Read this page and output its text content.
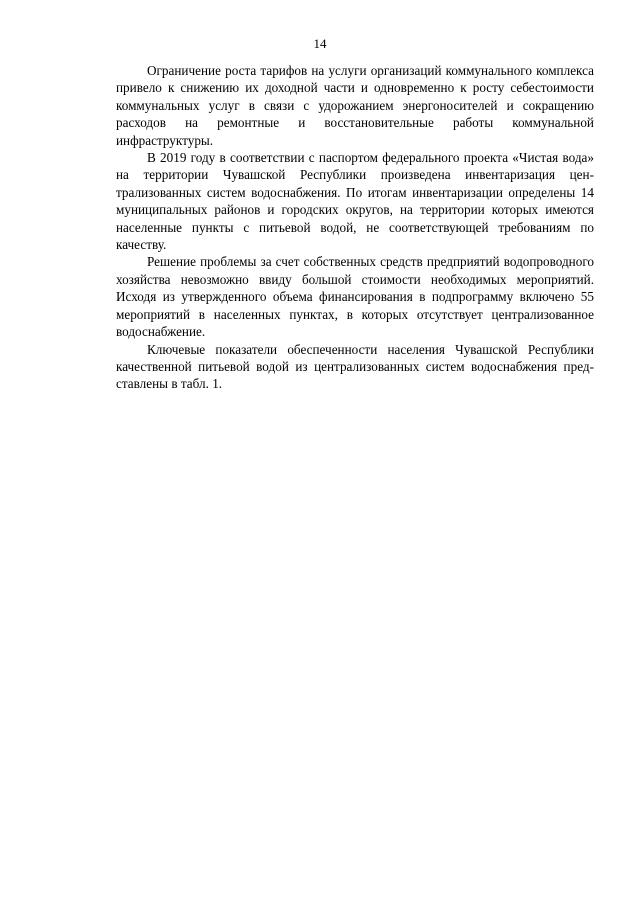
14

Ограничение роста тарифов на услуги организаций коммунального комплекса привело к снижению их доходной части и одновременно к росту себестоимости коммунальных услуг в связи с удорожанием энергоносителей и сокращению расходов на ремонтные и восстановительные работы коммунальной инфраструктуры.

В 2019 году в соответствии с паспортом федерального проекта «Чистая вода» на территории Чувашской Республики произведена инвентаризация централизованных систем водоснабжения. По итогам инвентаризации определены 14 муниципальных районов и городских округов, на территории которых имеются населенные пункты с питьевой водой, не соответствующей требованиям по качеству.

Решение проблемы за счет собственных средств предприятий водопроводного хозяйства невозможно ввиду большой стоимости необходимых мероприятий. Исходя из утвержденного объема финансирования в подпрограмму включено 55 мероприятий в населенных пунктах, в которых отсутствует централизованное водоснабжение.

Ключевые показатели обеспеченности населения Чувашской Республики качественной питьевой водой из централизованных систем водоснабжения представлены в табл. 1.
